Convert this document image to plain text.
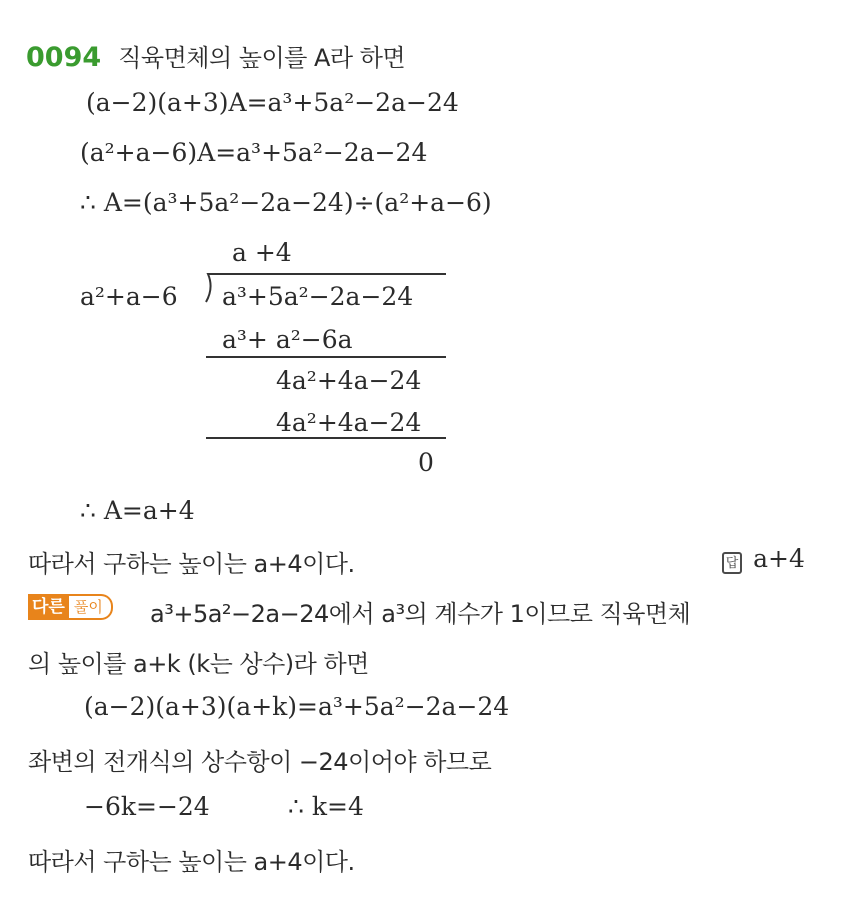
0094 직육면체의 높이를 A라 하면
(a−2)(a+3)A=a³+5a²−2a−24
(a²+a−6)A=a³+5a²−2a−24
∴ A=(a³+5a²−2a−24)÷(a²+a−6)
a +4
a²+a−6 a³+5a²−2a−24
a³+ a²−6a
4a²+4a−24
4a²+4a−24
0
∴ A=a+4
따라서 구하는 높이는 a+4이다.	답 a+4
다른 풀이	a³+5a²−2a−24에서 a³의 계수가 1이므로 직육면체
의 높이를 a+k (k는 상수)라 하면
(a−2)(a+3)(a+k)=a³+5a²−2a−24
좌변의 전개식의 상수항이 −24이어야 하므로
−6k=−24	∴ k=4
따라서 구하는 높이는 a+4이다.
